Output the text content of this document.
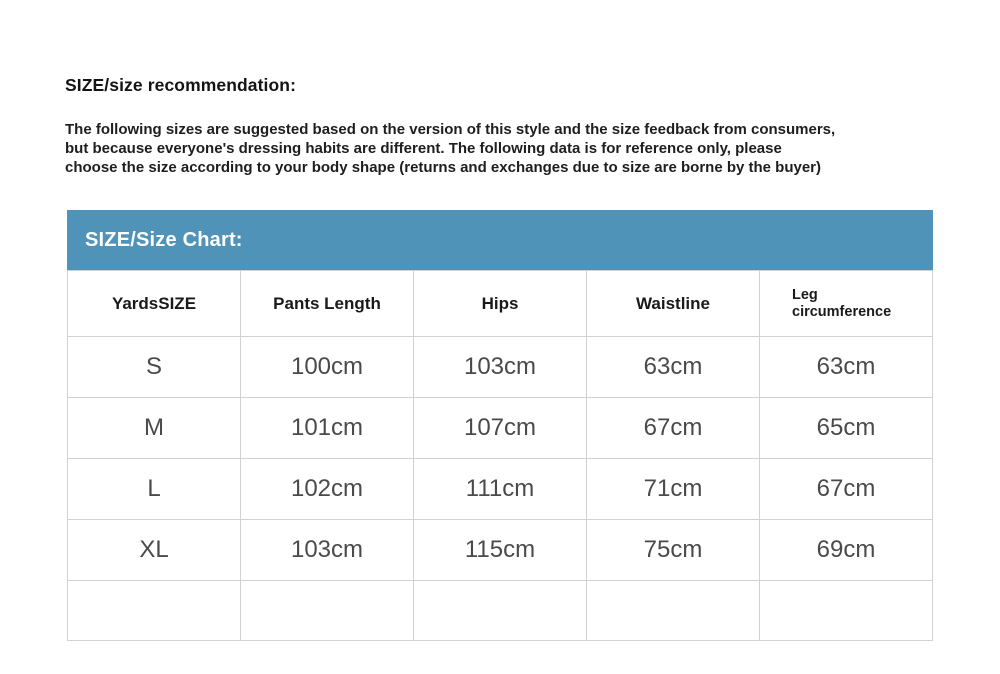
SIZE/size recommendation:
The following sizes are suggested based on the version of this style and the size feedback from consumers,
but because everyone's dressing habits are different. The following data is for reference only, please
choose the size according to your body shape (returns and exchanges due to size are borne by the buyer)
SIZE/Size Chart:
YardsSIZE	Pants Length	Hips	Waistline	Leg circumference
S	100cm	103cm	63cm	63cm
M	101cm	107cm	67cm	65cm
L	102cm	111cm	71cm	67cm
XL	103cm	115cm	75cm	69cm
